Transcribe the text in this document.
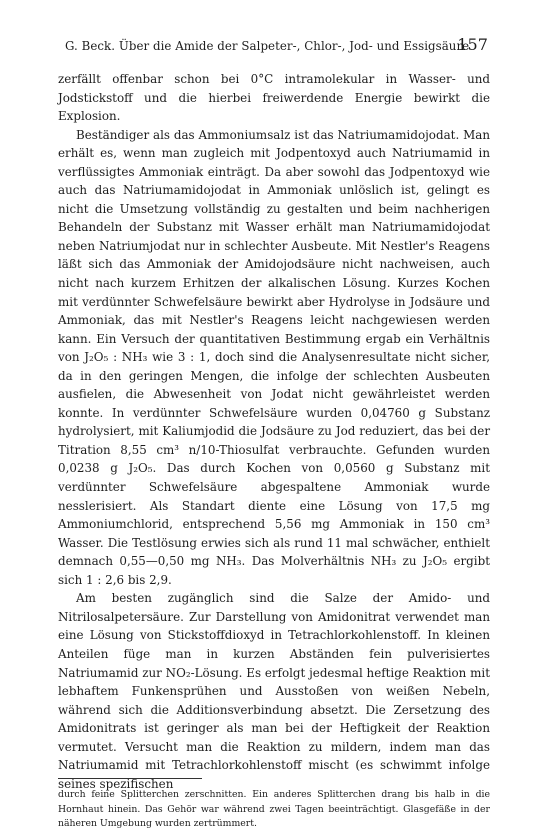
G. Beck. Über die Amide der Salpeter-, Chlor-, Jod- und Essigsäure
157

zerfällt offenbar schon bei 0°C intramolekular in Wasser- und Jodstickstoff und die hierbei freiwerdende Energie bewirkt die Explosion.

Beständiger als das Ammoniumsalz ist das Natriumamidojodat. Man erhält es, wenn man zugleich mit Jodpentoxyd auch Natriumamid in verflüssigtes Ammoniak einträgt. Da aber sowohl das Jodpentoxyd wie auch das Natriumamidojodat in Ammoniak unlöslich ist, gelingt es nicht die Umsetzung vollständig zu gestalten und beim nachherigen Behandeln der Substanz mit Wasser erhält man Natriumamidojodat neben Natriumjodat nur in schlechter Ausbeute. Mit Nestler's Reagens läßt sich das Ammoniak der Amidojodsäure nicht nachweisen, auch nicht nach kurzem Erhitzen der alkalischen Lösung. Kurzes Kochen mit verdünnter Schwefelsäure bewirkt aber Hydrolyse in Jodsäure und Ammoniak, das mit Nestler's Reagens leicht nachgewiesen werden kann. Ein Versuch der quantitativen Bestimmung ergab ein Verhältnis von J₂O₅ : NH₃ wie 3 : 1, doch sind die Analysenresultate nicht sicher, da in den geringen Mengen, die infolge der schlechten Ausbeuten ausfielen, die Abwesenheit von Jodat nicht gewährleistet werden konnte. In verdünnter Schwefelsäure wurden 0,04760 g Substanz hydrolysiert, mit Kaliumjodid die Jodsäure zu Jod reduziert, das bei der Titration 8,55 cm³ n/10-Thiosulfat verbrauchte. Gefunden wurden 0,0238 g J₂O₅. Das durch Kochen von 0,0560 g Substanz mit verdünnter Schwefelsäure abgespaltene Ammoniak wurde nesslerisiert. Als Standart diente eine Lösung von 17,5 mg Ammoniumchlorid, entsprechend 5,56 mg Ammoniak in 150 cm³ Wasser. Die Testlösung erwies sich als rund 11 mal schwächer, enthielt demnach 0,55—0,50 mg NH₃. Das Molverhältnis NH₃ zu J₂O₅ ergibt sich 1 : 2,6 bis 2,9.

Am besten zugänglich sind die Salze der Amido- und Nitrilosalpetersäure. Zur Darstellung von Amidonitrat verwendet man eine Lösung von Stickstoffdioxyd in Tetrachlorkohlenstoff. In kleinen Anteilen füge man in kurzen Abständen fein pulverisiertes Natriumamid zur NO₂-Lösung. Es erfolgt jedesmal heftige Reaktion mit lebhaftem Funkensprühen und Ausstoßen von weißen Nebeln, während sich die Additionsverbindung absetzt. Die Zersetzung des Amidonitrats ist geringer als man bei der Heftigkeit der Reaktion vermutet. Versucht man die Reaktion zu mildern, indem man das Natriumamid mit Tetrachlorkohlenstoff mischt (es schwimmt infolge seines spezifischen

durch feine Splitterchen zerschnitten. Ein anderes Splitterchen drang bis halb in die Hornhaut hinein. Das Gehör war während zwei Tagen beeinträchtigt. Glasgefäße in der näheren Umgebung wurden zertrümmert.
